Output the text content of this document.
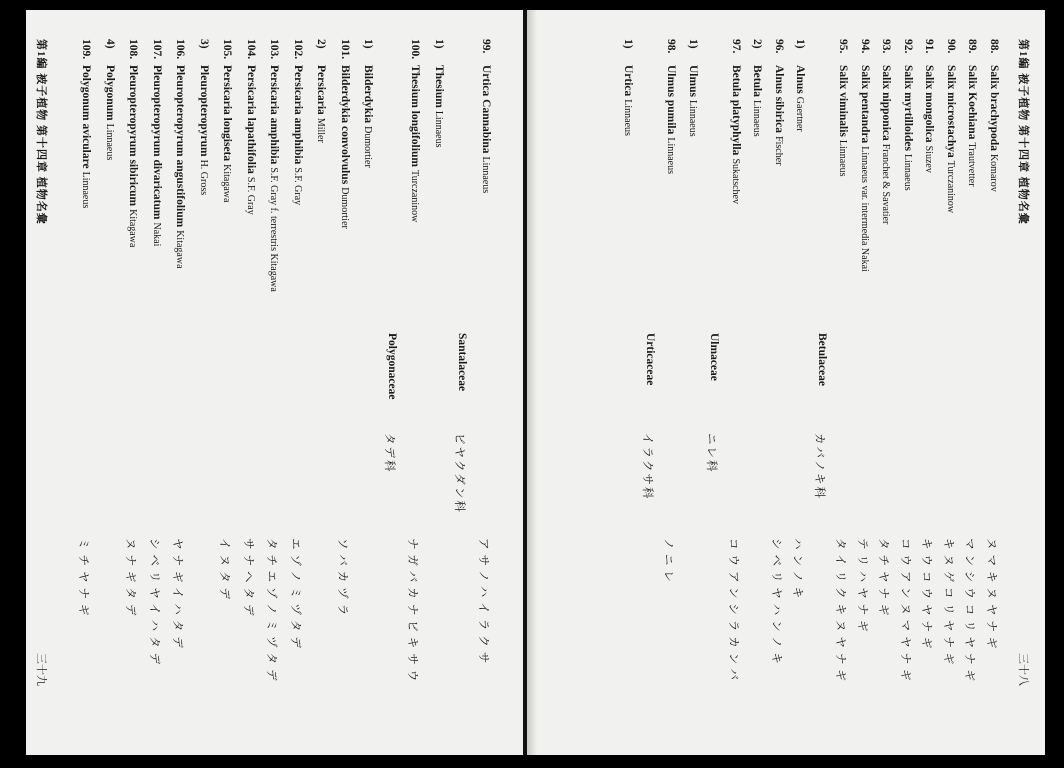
第1編 被子植物 第十四章 植物名彙
三十八
88.
Salix brachypodaKomarov
ヌマキヌヤナギ
89.
Salix KoehianaTrautvetter
マンシウコリヤナギ
90.
Salix microstachyaTurczaninow
キヌゲコリヤナギ
91.
Salix mongolicaSiuzev
キウコウヤナギ
92.
Salix myrtilloidesLinnaeus
コウアンヌマヤナギ
93.
Salix nipponicaFranchet & Savatier
タチヤナギ
94.
Salix pentandraLinnaeus var. intermedia Nakai
テリハヤナギ
95.
Salix viminalisLinnaeus
タイリクキヌヤナギ
Betulaceae
カバノキ科
1)
AlnusGaertner
ハンノキ
96.
Alnus sibiricaFischer
シベリヤハンノキ
2)
BetulaLinnaeus
97.
Betula platyphyllaSukatschev
コウアンシラカンバ
Ulmaceae
ニレ科
1)
UlmusLinnaeus
98.
Ulmus pumilaLinnaeus
ノニレ
Urticaceae
イラクサ科
1)
UrticaLinnaeus
99.
Urtica CannabinaLinnaeus
アサノハイラクサ
Santalaceae
ビヤクダン科
1)
ThesiumLinnaeus
100.
Thesium longifoliumTurczaninow
ナガバカナビキサウ
Polygonaceae
タデ科
1)
BilderdykiaDumortier
101.
Bilderdykia convolvulusDumortier
ソバカヅラ
2)
PersicariaMiller
102.
Persicaria amphibiaS.F. Gray
エゾノミヅタデ
103.
Persicaria amphibiaS.F. Gray f. terrestris Kitagawa
タチエゾノミヅタデ
104.
Persicaria lapathifoliaS.F. Gray
サナヘタデ
105.
Persicaria longisetaKitagawa
イヌタデ
3)
PleuropteropyrumH. Gross
106.
Pleuropteropyrum angustifoliumKitagawa
ヤナギイハタデ
107.
Pleuropteropyrum divaricatumNakai
シベリヤイハタデ
108.
Pleuropteropyrum sibiricumKitagawa
ヌナギタデ
4)
PolygonumLinnaeus
109.
Polygonum aviculareLinnaeus
ミチヤナギ
第1編 被子植物 第十四章 植物名彙
三十九
